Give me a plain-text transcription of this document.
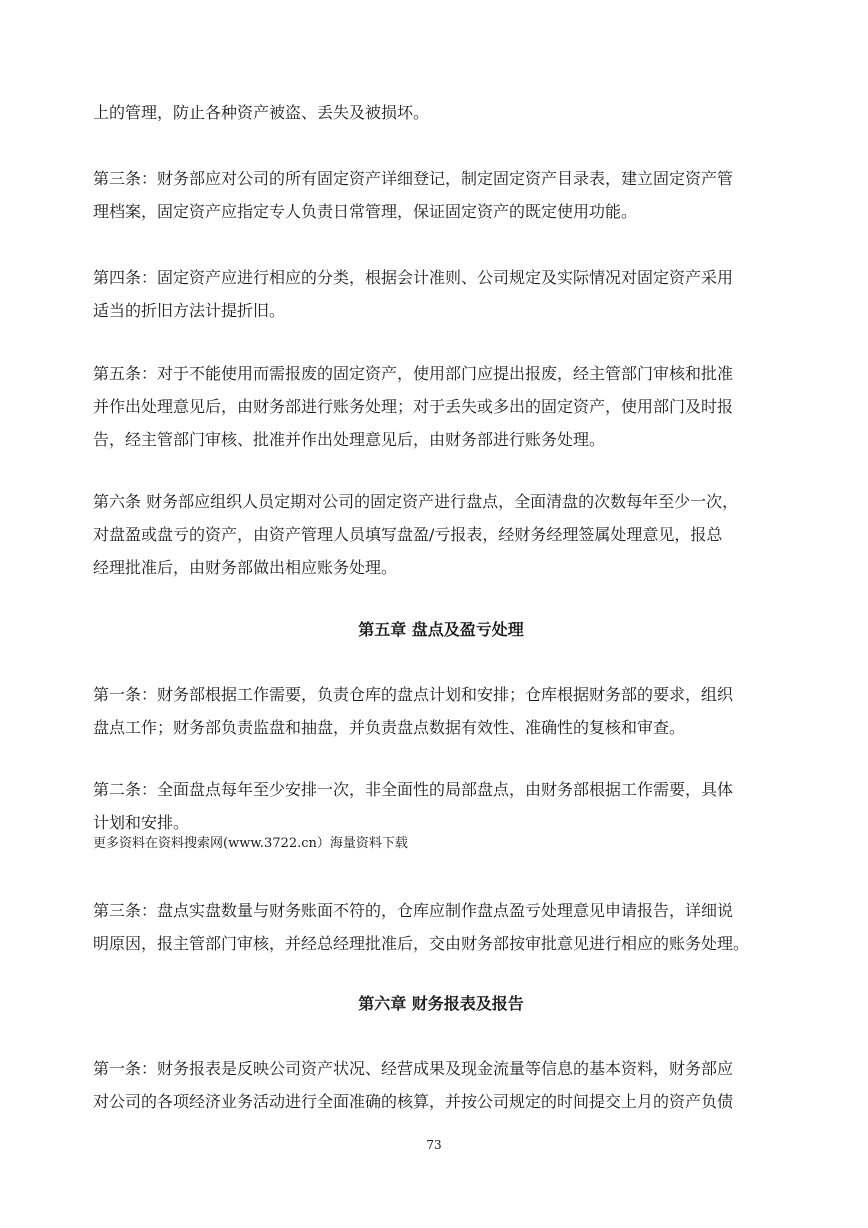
上的管理，防止各种资产被盗、丢失及被损坏。

第三条：财务部应对公司的所有固定资产详细登记，制定固定资产目录表，建立固定资产管
理档案，固定资产应指定专人负责日常管理，保证固定资产的既定使用功能。

第四条：固定资产应进行相应的分类，根据会计准则、公司规定及实际情况对固定资产采用
适当的折旧方法计提折旧。

第五条：对于不能使用而需报废的固定资产，使用部门应提出报废，经主管部门审核和批准
并作出处理意见后，由财务部进行账务处理；对于丢失或多出的固定资产，使用部门及时报
告，经主管部门审核、批准并作出处理意见后，由财务部进行账务处理。

第六条 财务部应组织人员定期对公司的固定资产进行盘点，全面清盘的次数每年至少一次，
对盘盈或盘亏的资产，由资产管理人员填写盘盈/亏报表，经财务经理签属处理意见，报总
经理批准后，由财务部做出相应账务处理。

第五章 盘点及盈亏处理

第一条：财务部根据工作需要，负责仓库的盘点计划和安排；仓库根据财务部的要求，组织
盘点工作；财务部负责监盘和抽盘，并负责盘点数据有效性、准确性的复核和审查。

第二条：全面盘点每年至少安排一次，非全面性的局部盘点，由财务部根据工作需要，具体
计划和安排。

更多资料在资料搜索网(www.3722.cn）海量资料下载

第三条：盘点实盘数量与财务账面不符的，仓库应制作盘点盈亏处理意见申请报告，详细说
明原因，报主管部门审核，并经总经理批准后，交由财务部按审批意见进行相应的账务处理。

第六章 财务报表及报告

第一条：财务报表是反映公司资产状况、经营成果及现金流量等信息的基本资料，财务部应
对公司的各项经济业务活动进行全面准确的核算，并按公司规定的时间提交上月的资产负债

73
